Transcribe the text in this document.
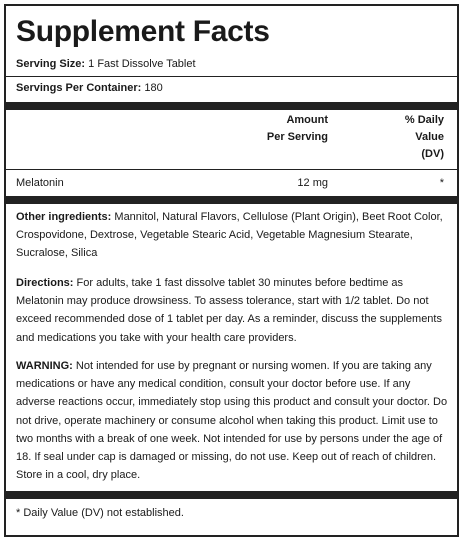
Supplement Facts
Serving Size: 1 Fast Dissolve Tablet
Servings Per Container: 180
Amount
Per Serving
% Daily
Value
(DV)
Melatonin	12 mg	*
Other ingredients: Mannitol, Natural Flavors, Cellulose (Plant Origin), Beet Root Color, Crospovidone, Dextrose, Vegetable Stearic Acid, Vegetable Magnesium Stearate, Sucralose, Silica
Directions: For adults, take 1 fast dissolve tablet 30 minutes before bedtime as Melatonin may produce drowsiness. To assess tolerance, start with 1/2 tablet. Do not exceed recommended dose of 1 tablet per day. As a reminder, discuss the supplements and medications you take with your health care providers.
WARNING: Not intended for use by pregnant or nursing women. If you are taking any medications or have any medical condition, consult your doctor before use. If any adverse reactions occur, immediately stop using this product and consult your doctor. Do not drive, operate machinery or consume alcohol when taking this product. Limit use to two months with a break of one week. Not intended for use by persons under the age of 18. If seal under cap is damaged or missing, do not use. Keep out of reach of children. Store in a cool, dry place.
* Daily Value (DV) not established.
